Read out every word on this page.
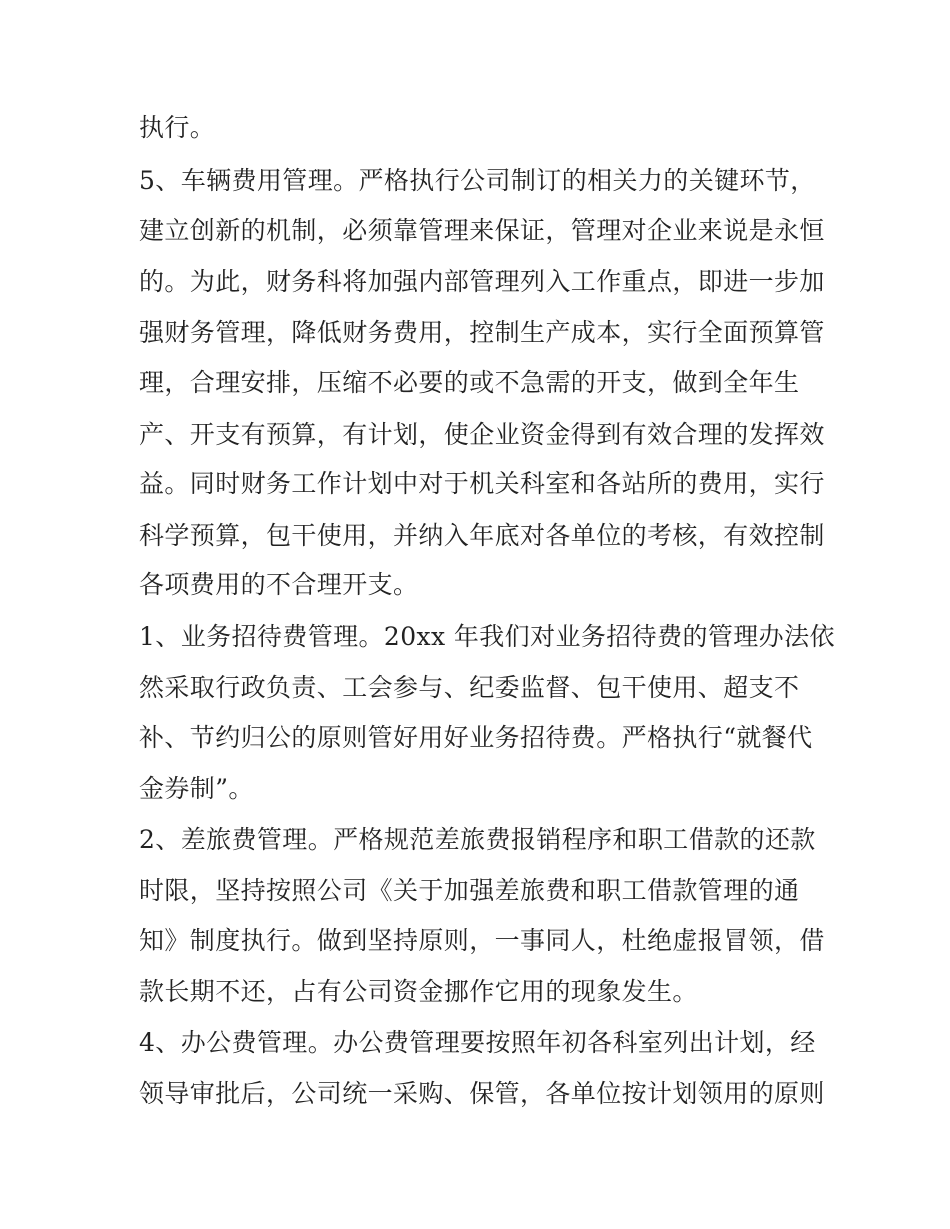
执行。
5、车辆费用管理。严格执行公司制订的相关力的关键环节，
建立创新的机制，必须靠管理来保证，管理对企业来说是永恒
的。为此，财务科将加强内部管理列入工作重点，即进一步加
强财务管理，降低财务费用，控制生产成本，实行全面预算管
理，合理安排，压缩不必要的或不急需的开支，做到全年生
产、开支有预算，有计划，使企业资金得到有效合理的发挥效
益。同时财务工作计划中对于机关科室和各站所的费用，实行
科学预算，包干使用，并纳入年底对各单位的考核，有效控制
各项费用的不合理开支。
1、业务招待费管理。20xx 年我们对业务招待费的管理办法依
然采取行政负责、工会参与、纪委监督、包干使用、超支不
补、节约归公的原则管好用好业务招待费。严格执行“就餐代
金券制”。
2、差旅费管理。严格规范差旅费报销程序和职工借款的还款
时限，坚持按照公司《关于加强差旅费和职工借款管理的通
知》制度执行。做到坚持原则，一事同人，杜绝虚报冒领，借
款长期不还，占有公司资金挪作它用的现象发生。
4、办公费管理。办公费管理要按照年初各科室列出计划，经
领导审批后，公司统一采购、保管，各单位按计划领用的原则
